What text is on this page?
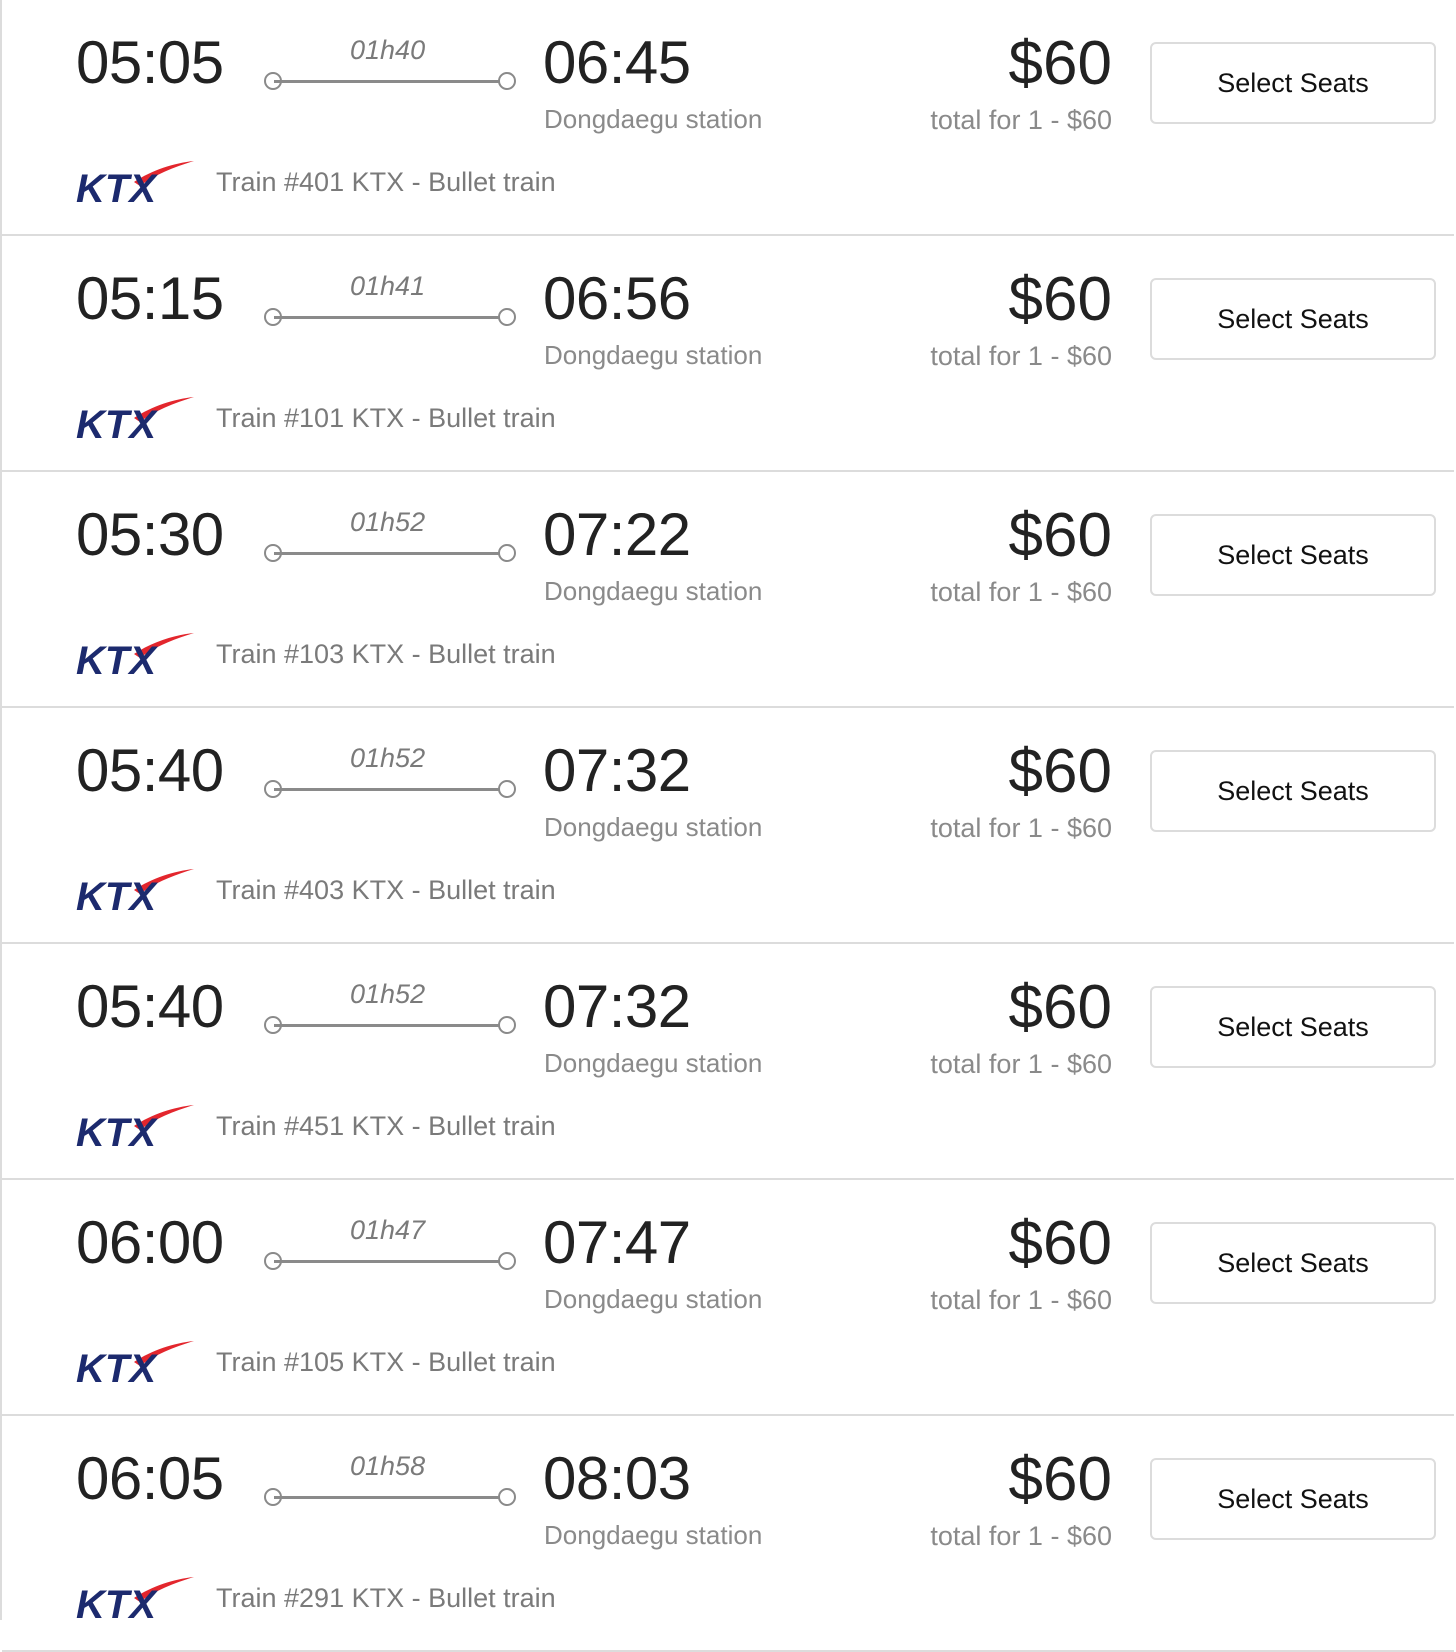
05:05	01h40 06:45
Dongdaegu station
$60
total for 1 - $60
Select Seats
KTX Train #401 KTX - Bullet train
05:15	01h41 06:56
Dongdaegu station
$60
total for 1 - $60
Select Seats
KTX Train #101 KTX - Bullet train
05:30	01h52 07:22
Dongdaegu station
$60
total for 1 - $60
Select Seats
KTX Train #103 KTX - Bullet train
05:40	01h52 07:32
Dongdaegu station
$60
total for 1 - $60
Select Seats
KTX Train #403 KTX - Bullet train
05:40	01h52 07:32
Dongdaegu station
$60
total for 1 - $60
Select Seats
KTX Train #451 KTX - Bullet train
06:00	01h47 07:47
Dongdaegu station
$60
total for 1 - $60
Select Seats
KTX Train #105 KTX - Bullet train
06:05	01h58 08:03
Dongdaegu station
$60
total for 1 - $60
Select Seats
KTX Train #291 KTX - Bullet train
